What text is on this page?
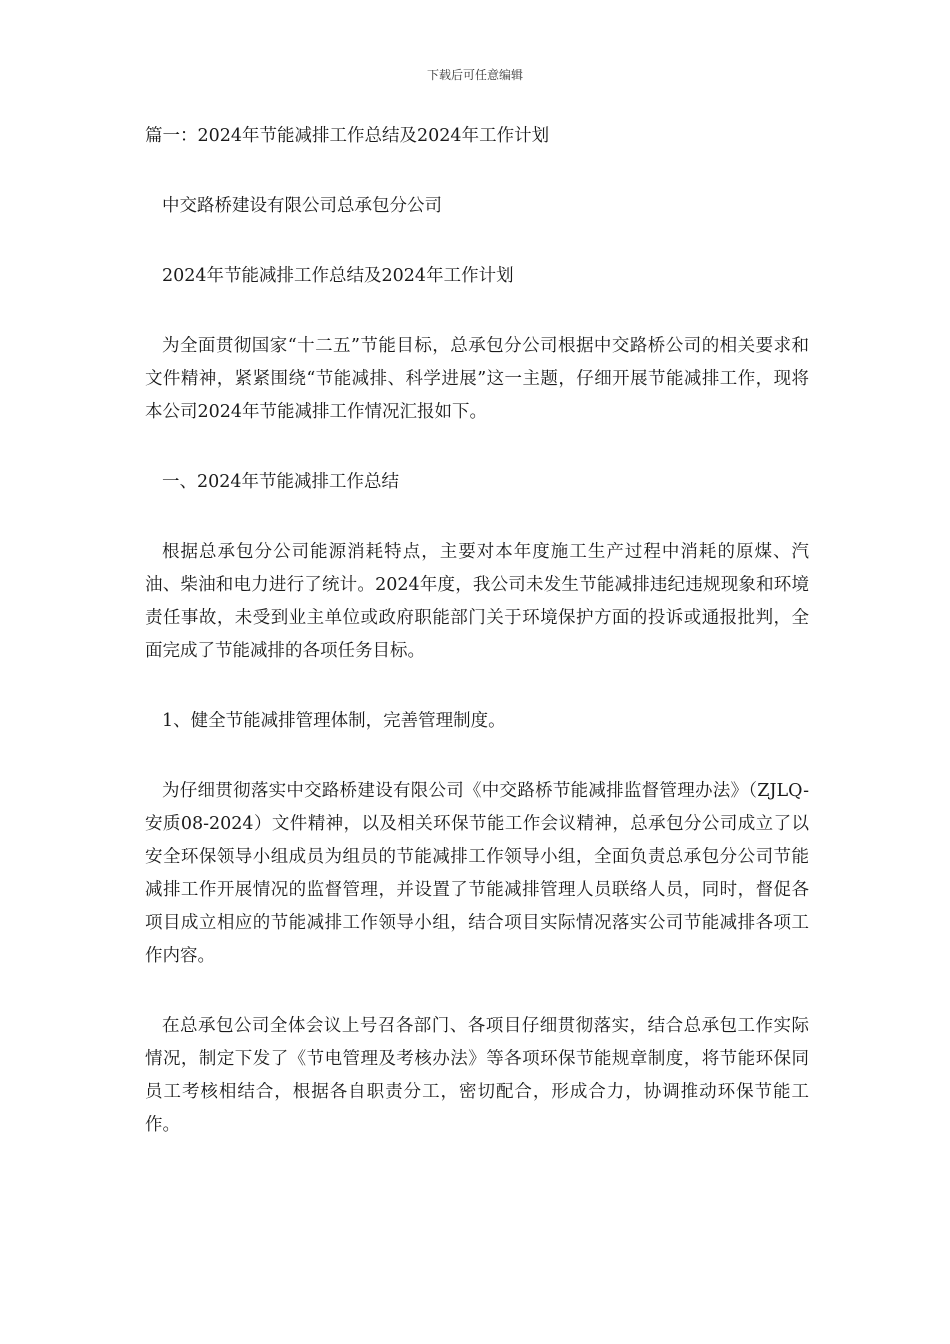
下载后可任意编辑

篇一：2024年节能减排工作总结及2024年工作计划

中交路桥建设有限公司总承包分公司

2024年节能减排工作总结及2024年工作计划

为全面贯彻国家“十二五”节能目标，总承包分公司根据中交路桥公司的相关要求和文件精神，紧紧围绕“节能减排、科学进展”这一主题，仔细开展节能减排工作，现将本公司2024年节能减排工作情况汇报如下。

一、2024年节能减排工作总结

根据总承包分公司能源消耗特点，主要对本年度施工生产过程中消耗的原煤、汽油、柴油和电力进行了统计。2024年度，我公司未发生节能减排违纪违规现象和环境责任事故，未受到业主单位或政府职能部门关于环境保护方面的投诉或通报批判，全面完成了节能减排的各项任务目标。

1、健全节能减排管理体制，完善管理制度。

为仔细贯彻落实中交路桥建设有限公司《中交路桥节能减排监督管理办法》（ZJLQ-安质08-2024）文件精神，以及相关环保节能工作会议精神，总承包分公司成立了以安全环保领导小组成员为组员的节能减排工作领导小组，全面负责总承包分公司节能减排工作开展情况的监督管理，并设置了节能减排管理人员联络人员，同时，督促各项目成立相应的节能减排工作领导小组，结合项目实际情况落实公司节能减排各项工作内容。

在总承包公司全体会议上号召各部门、各项目仔细贯彻落实，结合总承包工作实际情况，制定下发了《节电管理及考核办法》等各项环保节能规章制度，将节能环保同员工考核相结合，根据各自职责分工，密切配合，形成合力，协调推动环保节能工作。
